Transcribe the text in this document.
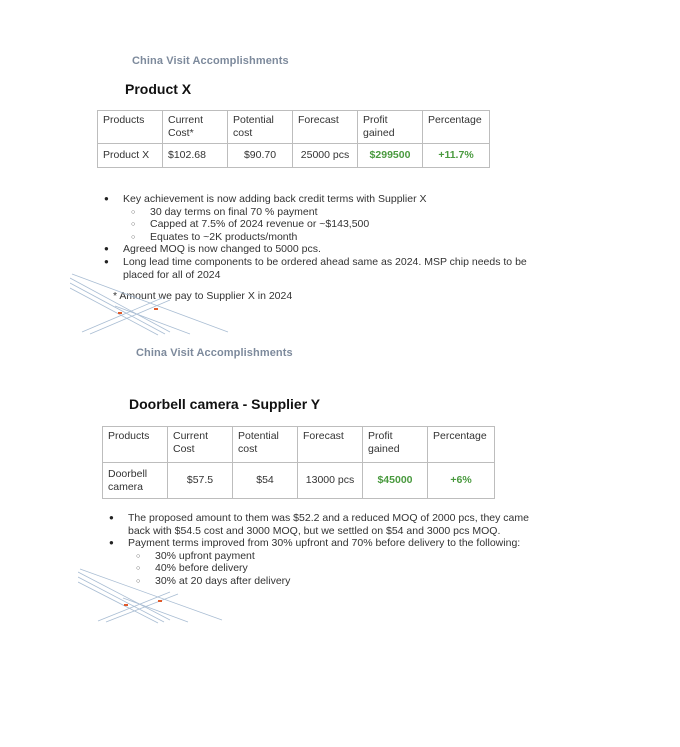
China Visit Accomplishments
Product X
Products	Current Cost*	Potential cost	Forecast	Profit gained	Percentage
Product X	$102.68	$90.70	25000 pcs	$299500	+11.7%
● Key achievement is now adding back credit terms with Supplier X
○ 30 day terms on final 70 % payment
○ Capped at 7.5% of 2024 revenue or ~$143,500
○ Equates to ~2K products/month
● Agreed MOQ is now changed to 5000 pcs.
● Long lead time components to be ordered ahead same as 2024. MSP chip needs to be placed for all of 2024
* Amount we pay to Supplier X in 2024
China Visit Accomplishments
Doorbell camera - Supplier Y
Products	Current Cost	Potential cost	Forecast	Profit gained	Percentage
Doorbell camera	$57.5	$54	13000 pcs	$45000	+6%
● The proposed amount to them was $52.2 and a reduced MOQ of 2000 pcs, they came back with $54.5 cost and 3000 MOQ, but we settled on $54 and 3000 pcs MOQ.
● Payment terms improved from 30% upfront and 70% before delivery to the following:
○ 30% upfront payment
○ 40% before delivery
○ 30% at 20 days after delivery
